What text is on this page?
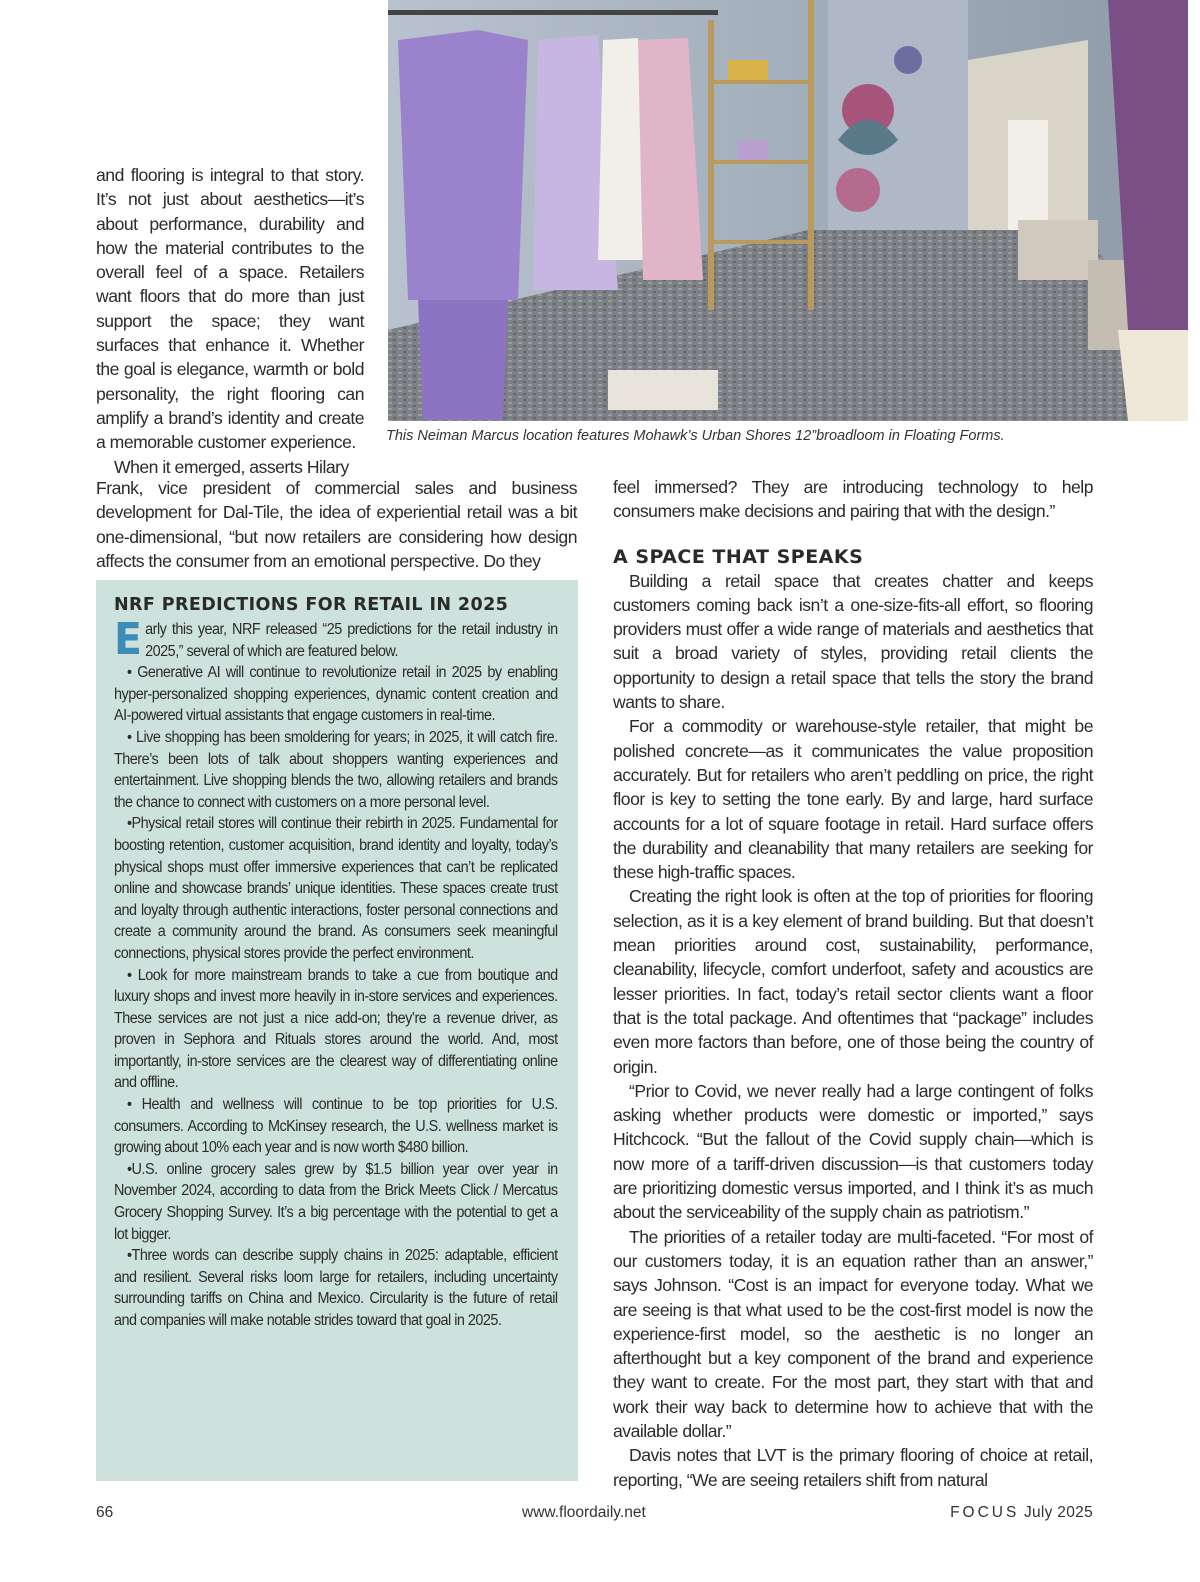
This Neiman Marcus location features Mohawk’s Urban Shores 12”broadloom in Floating Forms.

and flooring is integral to that story. It’s not just about aesthetics—it’s about performance, durability and how the material contributes to the overall feel of a space. Retailers want floors that do more than just support the space; they want surfaces that enhance it. Whether the goal is elegance, warmth or bold personality, the right flooring can amplify a brand’s identity and create a memorable customer experience.

When it emerged, asserts Hilary

Frank, vice president of commercial sales and business development for Dal-Tile, the idea of experiential retail was a bit one-dimensional, “but now retailers are considering how design affects the consumer from an emotional perspective. Do they

NRF PREDICTIONS FOR RETAIL IN 2025

Early this year, NRF released “25 predictions for the retail industry in 2025,” several of which are featured below.

• Generative AI will continue to revolutionize retail in 2025 by enabling hyper-personalized shopping experiences, dynamic content creation and AI-powered virtual assistants that engage customers in real-time.

• Live shopping has been smoldering for years; in 2025, it will catch fire. There’s been lots of talk about shoppers wanting experiences and entertainment. Live shopping blends the two, allowing retailers and brands the chance to connect with customers on a more personal level.

•Physical retail stores will continue their rebirth in 2025. Fundamental for boosting retention, customer acquisition, brand identity and loyalty, today’s physical shops must offer immersive experiences that can’t be replicated online and showcase brands’ unique identities. These spaces create trust and loyalty through authentic interactions, foster personal connections and create a community around the brand. As consumers seek meaningful connections, physical stores provide the perfect environment.

• Look for more mainstream brands to take a cue from boutique and luxury shops and invest more heavily in in-store services and experiences. These services are not just a nice add-on; they’re a revenue driver, as proven in Sephora and Rituals stores around the world. And, most importantly, in-store services are the clearest way of differentiating online and offline.

• Health and wellness will continue to be top priorities for U.S. consumers. According to McKinsey research, the U.S. wellness market is growing about 10% each year and is now worth $480 billion.

•U.S. online grocery sales grew by $1.5 billion year over year in November 2024, according to data from the Brick Meets Click / Mercatus Grocery Shopping Survey. It’s a big percentage with the potential to get a lot bigger.

•Three words can describe supply chains in 2025: adaptable, efficient and resilient. Several risks loom large for retailers, including uncertainty surrounding tariffs on China and Mexico. Circularity is the future of retail and companies will make notable strides toward that goal in 2025.

feel immersed? They are introducing technology to help consumers make decisions and pairing that with the design.”

A SPACE THAT SPEAKS

Building a retail space that creates chatter and keeps customers coming back isn’t a one-size-fits-all effort, so flooring providers must offer a wide range of materials and aesthetics that suit a broad variety of styles, providing retail clients the opportunity to design a retail space that tells the story the brand wants to share.

For a commodity or warehouse-style retailer, that might be polished concrete—as it communicates the value proposition accurately. But for retailers who aren’t peddling on price, the right floor is key to setting the tone early. By and large, hard surface accounts for a lot of square footage in retail. Hard surface offers the durability and cleanability that many retailers are seeking for these high-traffic spaces.

Creating the right look is often at the top of priorities for flooring selection, as it is a key element of brand building. But that doesn’t mean priorities around cost, sustainability, performance, cleanability, lifecycle, comfort underfoot, safety and acoustics are lesser priorities. In fact, today’s retail sector clients want a floor that is the total package. And oftentimes that “package” includes even more factors than before, one of those being the country of origin.

“Prior to Covid, we never really had a large contingent of folks asking whether products were domestic or imported,” says Hitchcock. “But the fallout of the Covid supply chain—which is now more of a tariff-driven discussion—is that customers today are prioritizing domestic versus imported, and I think it’s as much about the serviceability of the supply chain as patriotism.”

The priorities of a retailer today are multi-faceted. “For most of our customers today, it is an equation rather than an answer,” says Johnson. “Cost is an impact for everyone today. What we are seeing is that what used to be the cost-first model is now the experience-first model, so the aesthetic is no longer an afterthought but a key component of the brand and experience they want to create. For the most part, they start with that and work their way back to determine how to achieve that with the available dollar.”

Davis notes that LVT is the primary flooring of choice at retail, reporting, “We are seeing retailers shift from natural

66	www.floordaily.net	FOCUS July 2025
